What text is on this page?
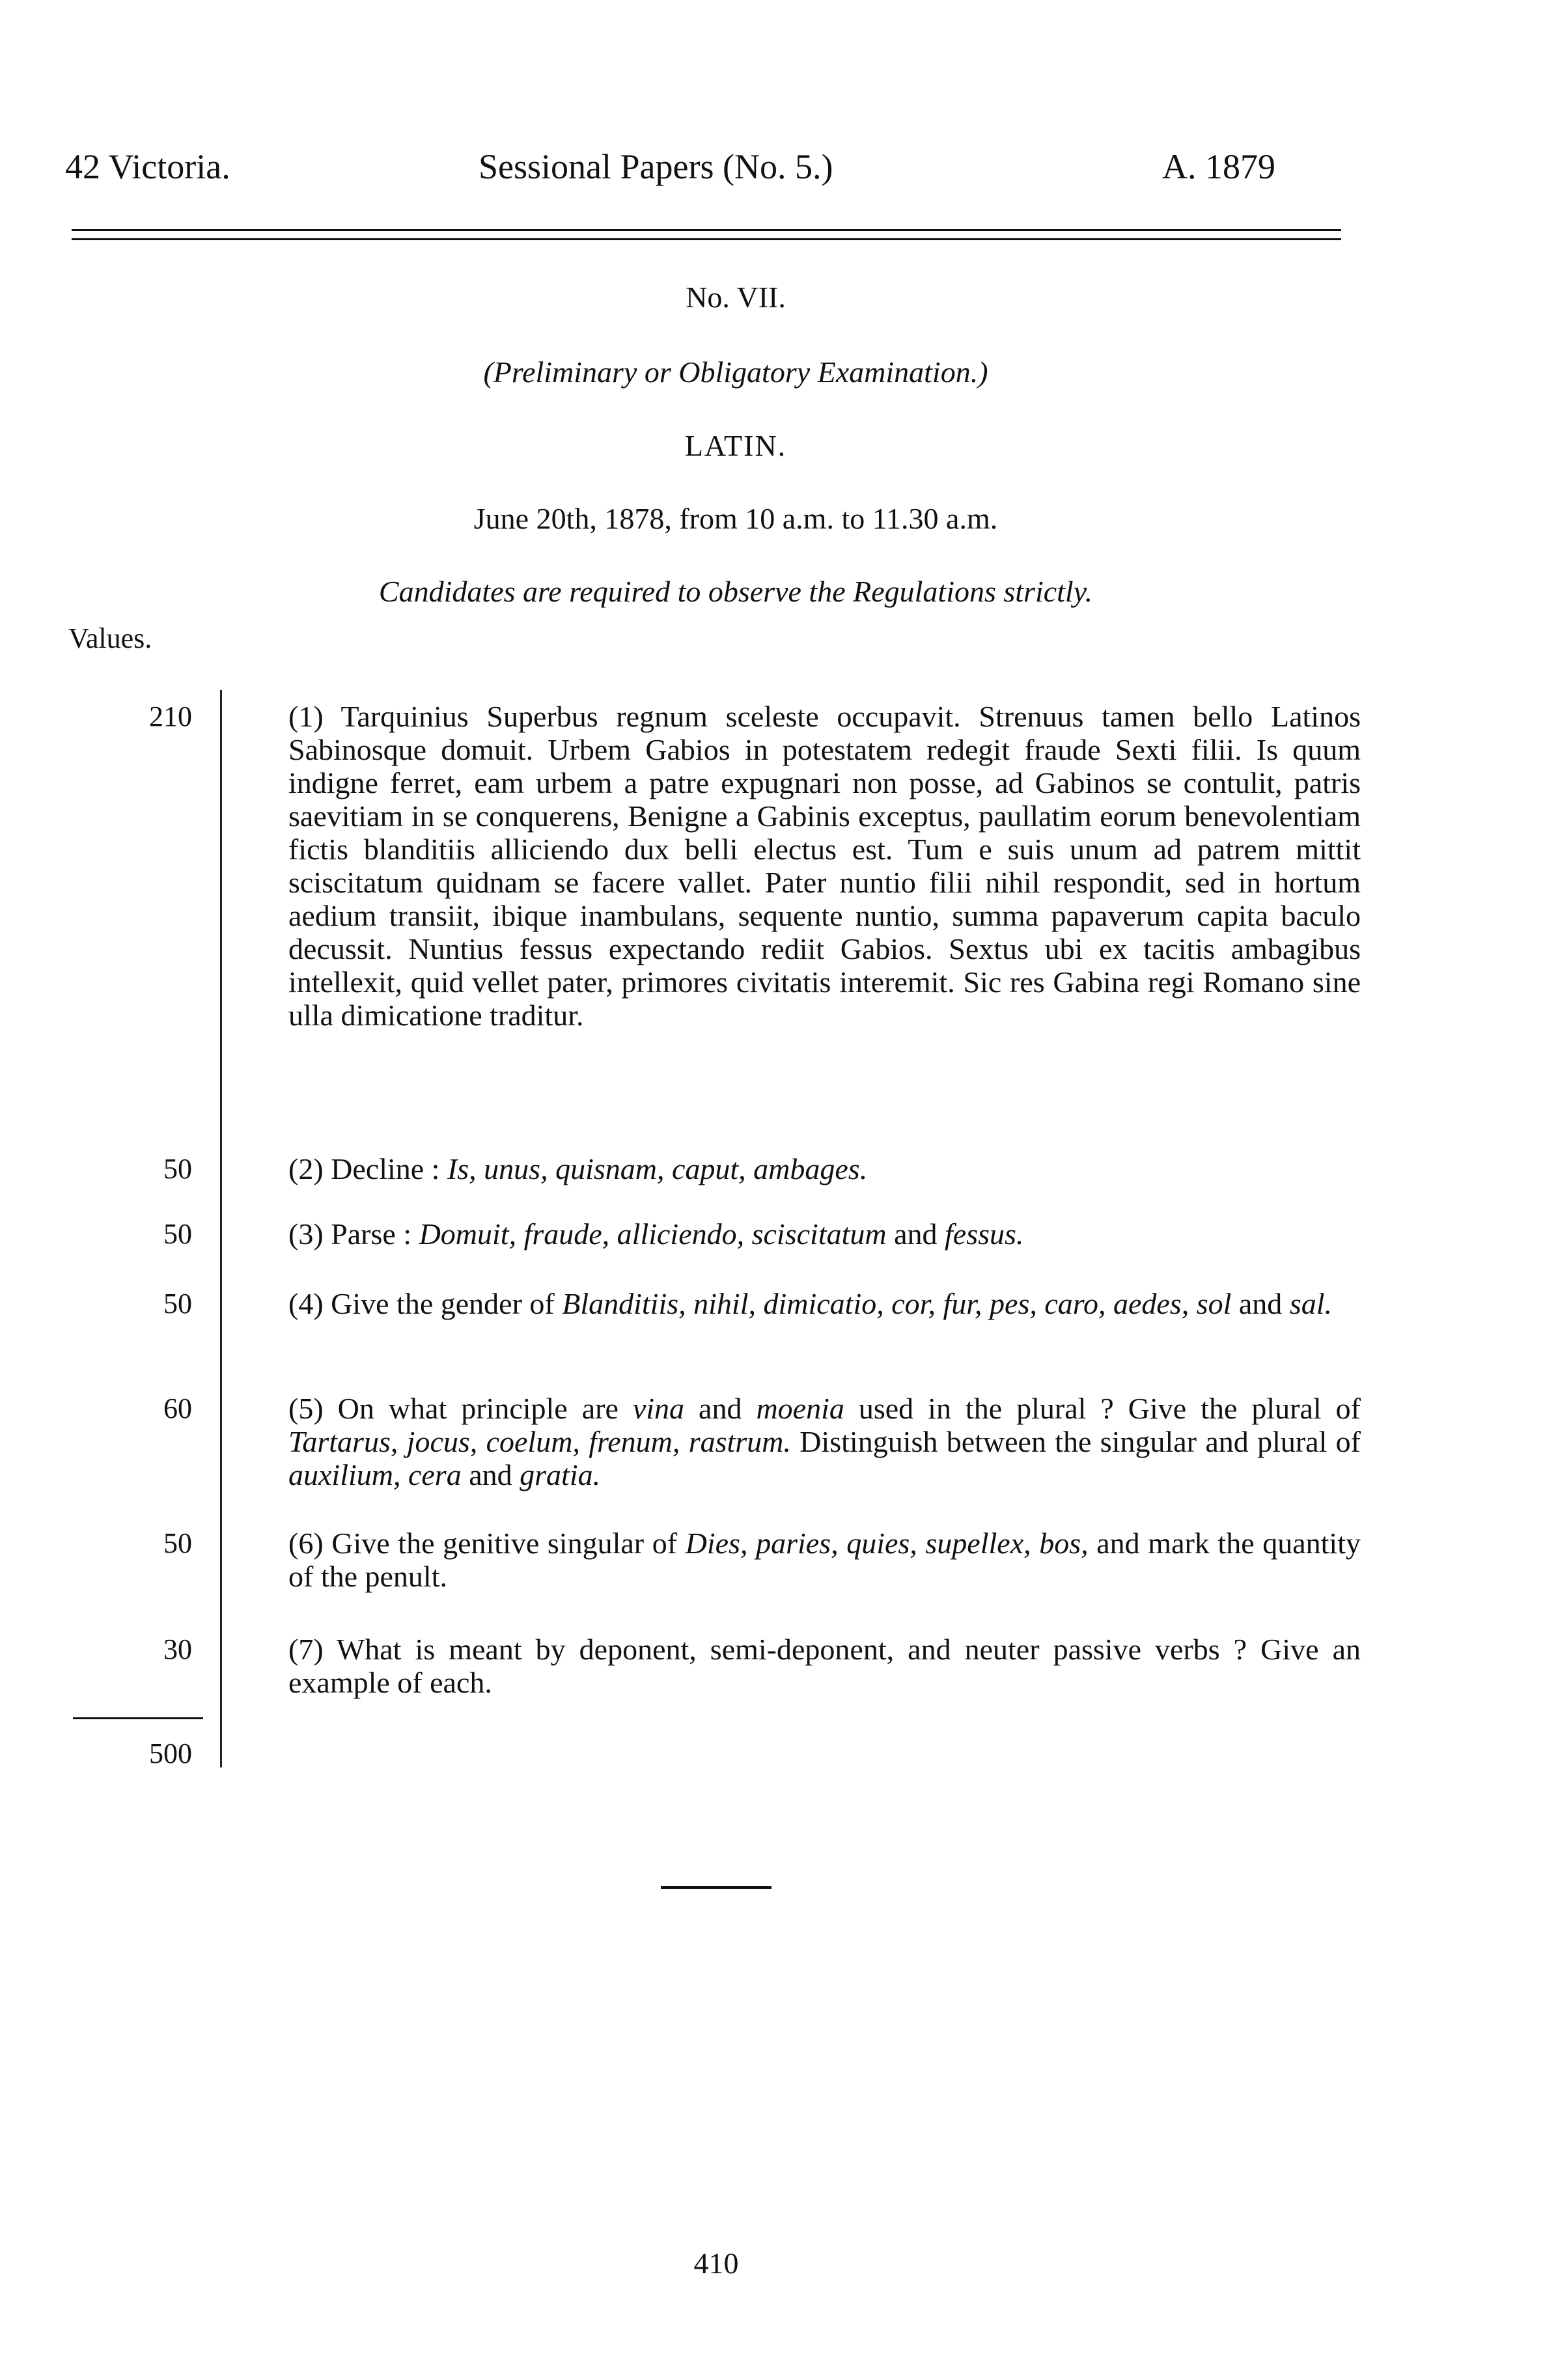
42 Victoria.	Sessional Papers (No. 5.)	A. 1879
No. VII.
(Preliminary or Obligatory Examination.)
LATIN.
June 20th, 1878, from 10 a.m. to 11.30 a.m.
Candidates are required to observe the Regulations strictly.
Values.
210
50
50
50
60
50
30
500
(1) Tarquinius Superbus regnum sceleste occupavit. Strenuus tamen bello Latinos Sabinosque domuit. Urbem Gabios in potestatem redegit fraude Sexti filii. Is quum indigne ferret, eam urbem a patre expugnari non posse, ad Gabinos se contulit, patris saevitiam in se conquerens, Benigne a Gabinis exceptus, paullatim eorum benevolentiam fictis blanditiis alliciendo dux belli electus est. Tum e suis unum ad patrem mittit sciscitatum quidnam se facere vallet. Pater nuntio filii nihil respondit, sed in hortum aedium transiit, ibique inambulans, sequente nuntio, summa papaverum capita baculo decussit. Nuntius fessus expectando rediit Gabios. Sextus ubi ex tacitis ambagibus intellexit, quid vellet pater, primores civitatis interemit. Sic res Gabina regi Romano sine ulla dimicatione traditur.
(2) Decline : Is, unus, quisnam, caput, ambages.
(3) Parse : Domuit, fraude, alliciendo, sciscitatum and fessus.
(4) Give the gender of Blanditiis, nihil, dimicatio, cor, fur, pes, caro, aedes, sol and sal.
(5) On what principle are vina and moenia used in the plural ? Give the plural of Tartarus, jocus, coelum, frenum, rastrum. Distinguish between the singular and plural of auxilium, cera and gratia.
(6) Give the genitive singular of Dies, paries, quies, supellex, bos, and mark the quantity of the penult.
(7) What is meant by deponent, semi-deponent, and neuter passive verbs ? Give an example of each.
410
